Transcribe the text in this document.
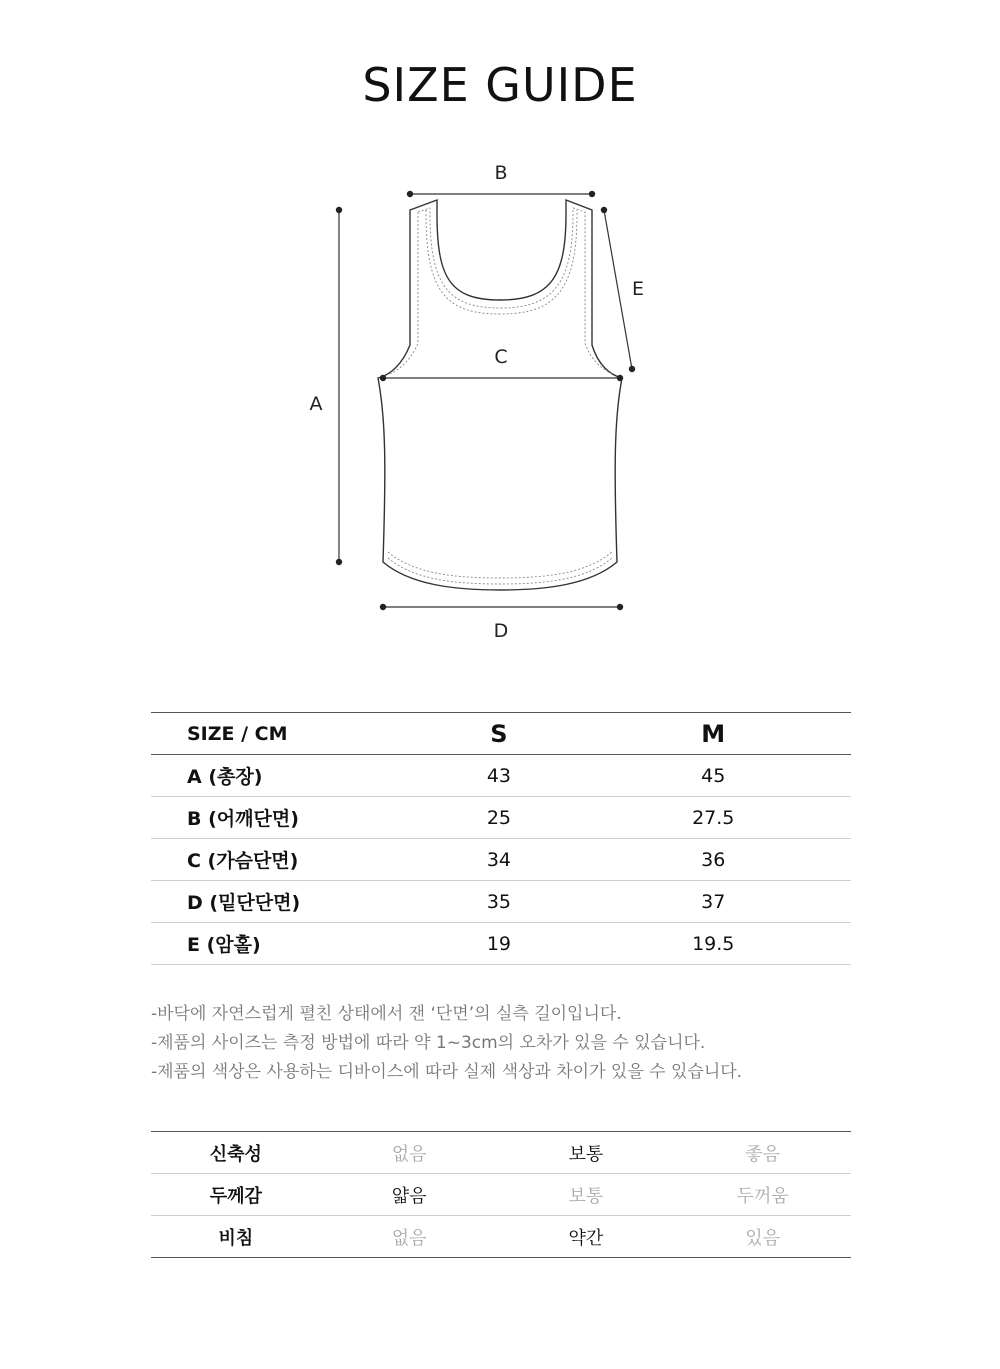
SIZE GUIDE
B
A
C
D
E
SIZE / CM	S	M
A (총장)	43	45
B (어깨단면)	25	27.5
C (가슴단면)	34	36
D (밑단단면)	35	37
E (암홀)	19	19.5
-바닥에 자연스럽게 펼친 상태에서 잰 ‘단면’의 실측 길이입니다.
-제품의 사이즈는 측정 방법에 따라 약 1~3cm의 오차가 있을 수 있습니다.
-제품의 색상은 사용하는 디바이스에 따라 실제 색상과 차이가 있을 수 있습니다.
신축성	없음	보통	좋음
두께감	얇음	보통	두꺼움
비침	없음	약간	있음
